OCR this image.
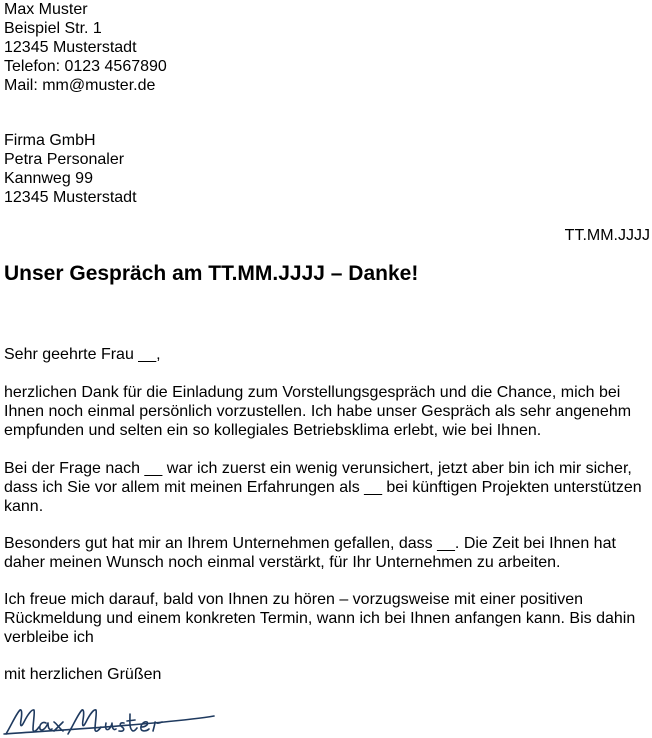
Max Muster
Beispiel Str. 1
12345 Musterstadt
Telefon: 0123 4567890
Mail: mm@muster.de
Firma GmbH
Petra Personaler
Kannweg 99
12345 Musterstadt
TT.MM.JJJJ
Unser Gespräch am TT.MM.JJJJ – Danke!
Sehr geehrte Frau __,
herzlichen Dank für die Einladung zum Vorstellungsgespräch und die Chance, mich bei
Ihnen noch einmal persönlich vorzustellen. Ich habe unser Gespräch als sehr angenehm
empfunden und selten ein so kollegiales Betriebsklima erlebt, wie bei Ihnen.
Bei der Frage nach __ war ich zuerst ein wenig verunsichert, jetzt aber bin ich mir sicher,
dass ich Sie vor allem mit meinen Erfahrungen als __ bei künftigen Projekten unterstützen
kann.
Besonders gut hat mir an Ihrem Unternehmen gefallen, dass __. Die Zeit bei Ihnen hat
daher meinen Wunsch noch einmal verstärkt, für Ihr Unternehmen zu arbeiten.
Ich freue mich darauf, bald von Ihnen zu hören – vorzugsweise mit einer positiven
Rückmeldung und einem konkreten Termin, wann ich bei Ihnen anfangen kann. Bis dahin
verbleibe ich
mit herzlichen Grüßen
